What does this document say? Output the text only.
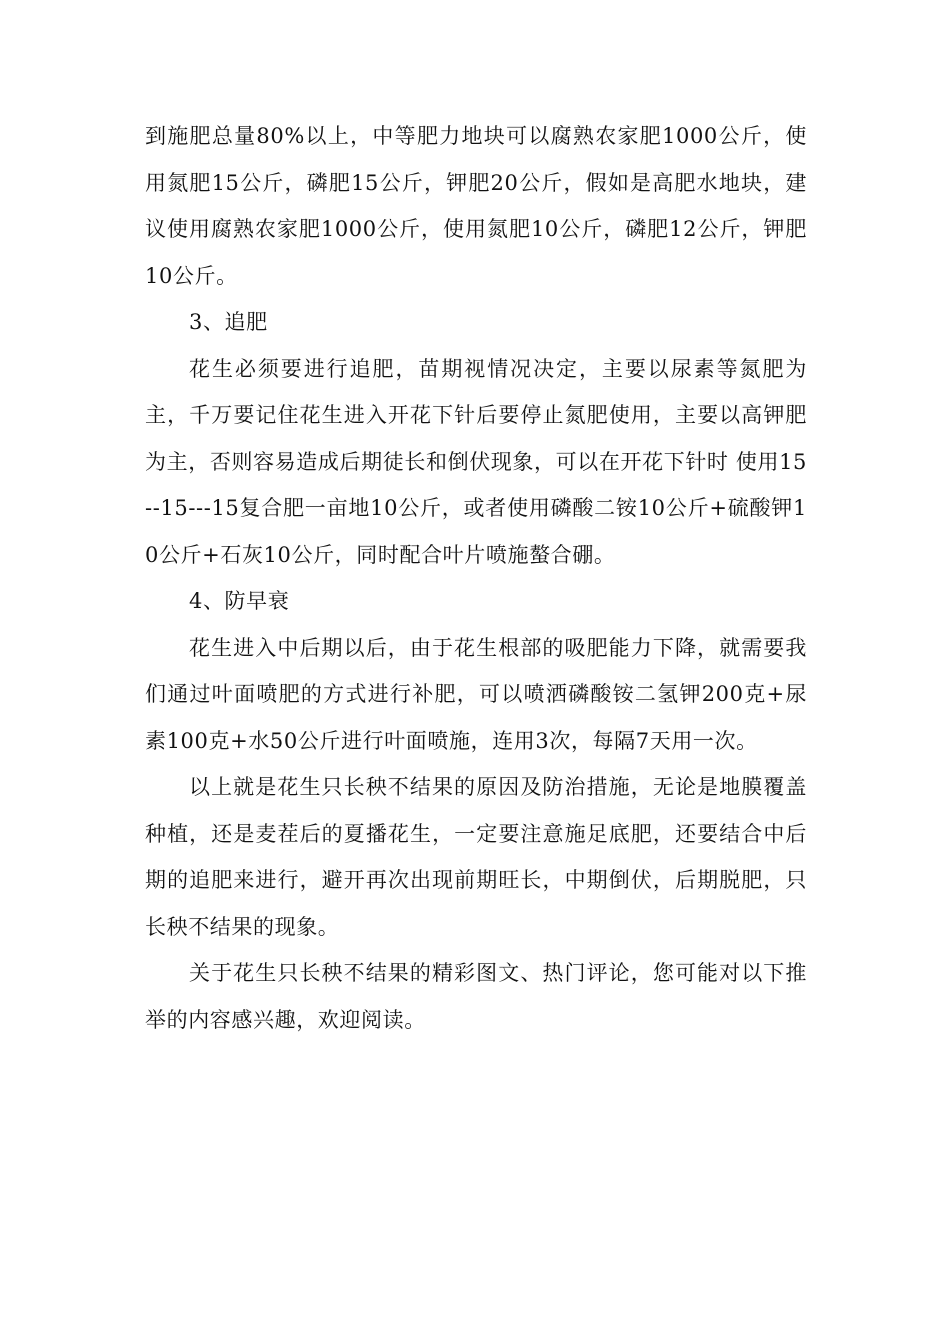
到施肥总量80%以上，中等肥力地块可以腐熟农家肥1000公斤，使用氮肥15公斤，磷肥15公斤，钾肥20公斤，假如是高肥水地块，建议使用腐熟农家肥1000公斤，使用氮肥10公斤，磷肥12公斤，钾肥10公斤。

3、追肥

花生必须要进行追肥，苗期视情况决定，主要以尿素等氮肥为主，千万要记住花生进入开花下针后要停止氮肥使用，主要以高钾肥为主，否则容易造成后期徒长和倒伏现象，可以在开花下针时 使用15--15---15复合肥一亩地10公斤，或者使用磷酸二铵10公斤+硫酸钾10公斤+石灰10公斤，同时配合叶片喷施螯合硼。

4、防早衰

花生进入中后期以后，由于花生根部的吸肥能力下降，就需要我们通过叶面喷肥的方式进行补肥，可以喷洒磷酸铵二氢钾200克+尿素100克+水50公斤进行叶面喷施，连用3次，每隔7天用一次。

以上就是花生只长秧不结果的原因及防治措施，无论是地膜覆盖种植，还是麦茬后的夏播花生，一定要注意施足底肥，还要结合中后期的追肥来进行，避开再次出现前期旺长，中期倒伏，后期脱肥，只长秧不结果的现象。

关于花生只长秧不结果的精彩图文、热门评论，您可能对以下推举的内容感兴趣，欢迎阅读。
